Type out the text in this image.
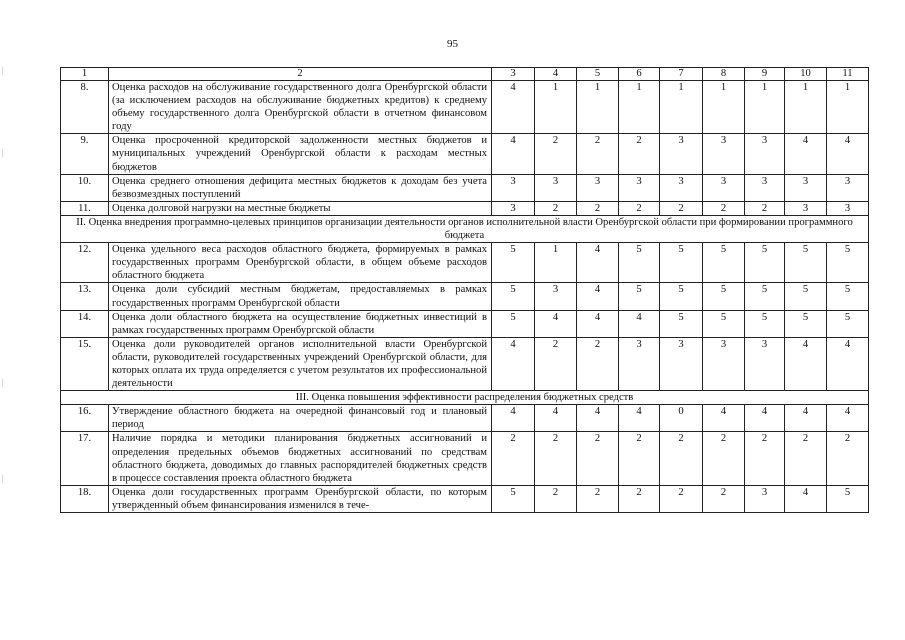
95
|
|
|
|
1	2	3	4	5	6	7	8	9	10	11
8.	Оценка расходов на обслуживание государственного долга Оренбургской области (за исключением расходов на обслуживание бюджетных кредитов) к среднему объему государственного долга Оренбургской области в отчетном финансовом году	4	1	1	1	1	1	1	1	1
9.	Оценка просроченной кредиторской задолженности местных бюджетов и муниципальных учреждений Оренбургской области к расходам местных бюджетов	4	2	2	2	3	3	3	4	4
10.	Оценка среднего отношения дефицита местных бюджетов к доходам без учета безвозмездных поступлений	3	3	3	3	3	3	3	3	3
11.	Оценка долговой нагрузки на местные бюджеты	3	2	2	2	2	2	2	3	3
II. Оценка внедрения программно-целевых принципов организации деятельности органов исполнительной власти Оренбургской области при формировании программного бюджета										
12.	Оценка удельного веса расходов областного бюджета, формируемых в рамках государственных программ Оренбургской области, в общем объеме расходов областного бюджета	5	1	4	5	5	5	5	5	5
13.	Оценка доли субсидий местным бюджетам, предоставляемых в рамках государственных программ Оренбургской области	5	3	4	5	5	5	5	5	5
14.	Оценка доли областного бюджета на осуществление бюджетных инвестиций в рамках государственных программ Оренбургской области	5	4	4	4	5	5	5	5	5
15.	Оценка доли руководителей органов исполнительной власти Оренбургской области, руководителей государственных учреждений Оренбургской области, для которых оплата их труда определяется с учетом результатов их профессиональной деятельности	4	2	2	3	3	3	3	4	4
III. Оценка повышения эффективности распределения бюджетных средств										
16.	Утверждение областного бюджета на очередной финансовый год и плановый период	4	4	4	4	0	4	4	4	4
17.	Наличие порядка и методики планирования бюджетных ассигнований и определения предельных объемов бюджетных ассигнований по средствам областного бюджета, доводимых до главных распорядителей бюджетных средств в процессе составления проекта областного бюджета	2	2	2	2	2	2	2	2	2
18.	Оценка доли государственных программ Оренбургской области, по которым утвержденный объем финансирования изменился в тече-	5	2	2	2	2	2	3	4	5
